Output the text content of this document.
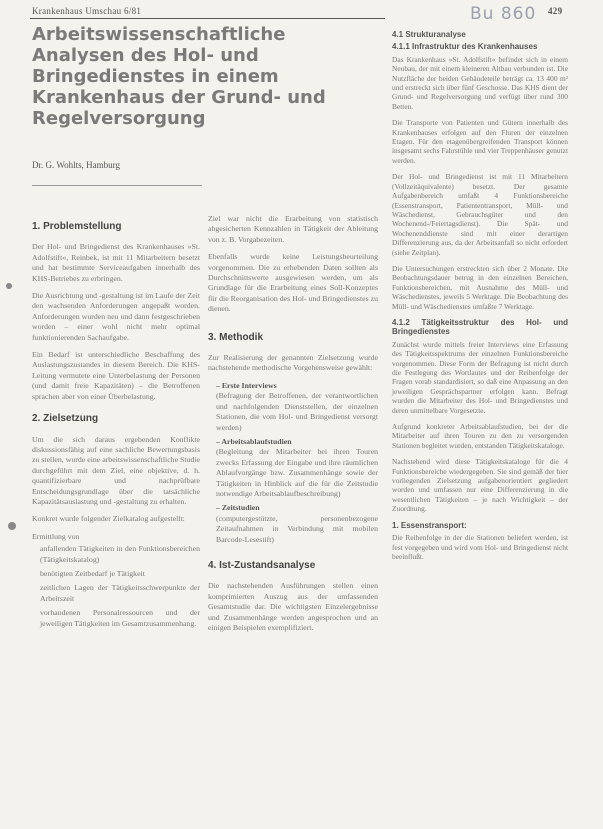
Krankenhaus Umschau 6/81	429
Bu 860
Arbeitswissenschaftliche Analysen des Hol- und Bringedienstes in einem Krankenhaus der Grund- und Regelversorgung
Dr. G. Wohlts, Hamburg
1. Problemstellung

Der Hol- und Bringedienst des Krankenhauses »St. Adolfstift«, Reinbek, ist mit 11 Mitarbeitern besetzt und hat bestimmte Serviceaufgaben innerhalb des KHS-Betriebes zu erbringen.

Die Ausrichtung und -gestaltung ist im Laufe der Zeit den wachsenden Anforderungen angepaßt worden. Anforderungen wurden neu und dann festgeschrieben worden – einer wohl nicht mehr optimal funktionierenden Sachaufgabe.

Ein Bedarf ist unterschiedliche Beschaffung des Auslastungszustandes in diesem Bereich. Die KHS-Leitung vermutete eine Unterbelastung der Personen (und damit freie Kapazitäten) – die Betroffenen sprachen aber von einer Überbelastung.

2. Zielsetzung

Um die sich daraus ergebenden Konflikte diskussionsfähig auf eine sachliche Bewertungsbasis zu stellen, wurde eine arbeitswissenschaftliche Studie durchgeführt mit dem Ziel, eine objektive, d. h. quantifizierbare und nachprüfbare Entscheidungsgrundlage über die tatsächliche Kapazitätsauslastung und -gestaltung zu erhalten.

Konkret wurde folgender Zielkatalog aufgestellt:

Ermittlung von

anfallenden Tätigkeiten in den Funktionsbereichen (Tätigkeitskatalog)
benötigten Zeitbedarf je Tätigkeit
zeitlichen Lagen der Tätigkeitsschwerpunkte der Arbeitszeit
vorhandenen Personalressourcen und der jeweiligen Tätigkeiten im Gesamtzusammenhang.

Ziel war nicht die Erarbeitung von statistisch abgesicherten Kennzahlen in Tätigkeit der Ableitung von z. B. Vorgabezeiten.

Ebenfalls wurde keine Leistungsbeurteilung vorgenommen. Die zu erhebenden Daten sollten als Durchschnittswerte ausgewiesen werden, um als Grundlage für die Erarbeitung eines Soll-Konzeptes für die Reorganisation des Hol- und Bringedienstes zu dienen.

3. Methodik

Zur Realisierung der genannten Zielsetzung wurde nachstehende methodische Vorgehensweise gewählt:

– Erste Interviews
(Befragung der Betroffenen, der verantwortlichen und nachfolgenden Dienststellen, der einzelnen Stationen, die vom Hol- und Bringedienst versorgt werden)
– Arbeitsablaufstudien
(Begleitung der Mitarbeiter bei ihren Touren zwecks Erfassung der Eingabe und ihre räumlichen Ablaufvorgänge bzw. Zusammenhänge sowie der Tätigkeiten in Hinblick auf die für die Zeitstudie notwendige Arbeitsablaufbeschreibung)
– Zeitstudien
(computergestützte, personenbezogene Zeitaufnahmen in Verbindung mit mobilen Barcode-Lesestift)
4. Ist-Zustandsanalyse

Die nachstehenden Ausführungen stellen einen komprimierten Auszug aus der umfassenden Gesamtstudie dar. Die wichtigsten Einzelergebnisse und Zusammenhänge werden angesprochen und an einigen Beispielen exemplifiziert.

4.1 Strukturanalyse
4.1.1 Infrastruktur des Krankenhauses

Das Krankenhaus »St. Adolfstift« befindet sich in einem Neubau, der mit einem kleineren Altbau verbunden ist. Die Nutzfläche der beiden Gebäudeteile beträgt ca. 13 400 m² und erstreckt sich über fünf Geschosse. Das KHS dient der Grund- und Regelversorgung und verfügt über rund 300 Betten.

Die Transporte von Patienten und Gütern innerhalb des Krankenhauses erfolgen auf den Fluren der einzelnen Etagen. Für den etagenübergreifenden Transport können insgesamt sechs Fahrstühle und vier Treppenhäuser genutzt werden.

Der Hol- und Bringedienst ist mit 11 Mitarbeitern (Vollzeitäquivalente) besetzt. Der gesamte Aufgabenbereich umfaßt 4 Funktionsbereiche (Essenstransport, Patiententransport, Müll- und Wäschedienst, Gebrauchsgüter und den Wochenend-/Feiertagsdienst). Die Spät- und Wochenenddienste sind mit einer derartigen Differenzierung aus, da der Arbeitsanfall so nicht erfordert (siehe Zeitplan).

Die Untersuchungen erstreckten sich über 2 Monate. Die Beobachtungsdauer betrug in den einzelnen Bereichen, Funktionsbereichen, mit Ausnahme des Müll- und Wäschedienstes, jeweils 5 Werktage. Die Beobachtung des Müll- und Wäschedienstes umfaßte 7 Werktage.

4.1.2 Tätigkeitsstruktur des Hol- und Bringedienstes

Zunächst wurde mittels freier Interviews eine Erfassung des Tätigkeitsspektrums der einzelnen Funktionsbereiche vorgenommen. Diese Form der Befragung ist nicht durch die Festlegung des Wortlautes und der Reihenfolge der Fragen vorab standardisiert, so daß eine Anpassung an den jeweiligen Gesprächspartner erfolgen kann. Befragt wurden die Mitarbeiter des Hol- und Bringedienstes und deren unmittelbare Vorgesetzte.

Aufgrund konkreter Arbeitsablaufstudien, bei der die Mitarbeiter auf ihren Touren zu den zu versorgenden Stationen begleitet wurden, entstanden Tätigkeitskataloge.

Nachstehend wird diese Tätigkeitskataloge für die 4 Funktionsbereiche wiedergegeben. Sie sind gemäß der hier vorliegenden Zielsetzung aufgabenorientiert gegliedert worden und umfassen nur eine Differenzierung in die wesentlichen Tätigkeiten – je nach Wichtigkeit – der Zuordnung.

1. Essenstransport:

Die Reihenfolge in der die Stationen beliefert werden, ist fest vorgegeben und wird vom Hol- und Bringedienst nicht beeinflußt.
